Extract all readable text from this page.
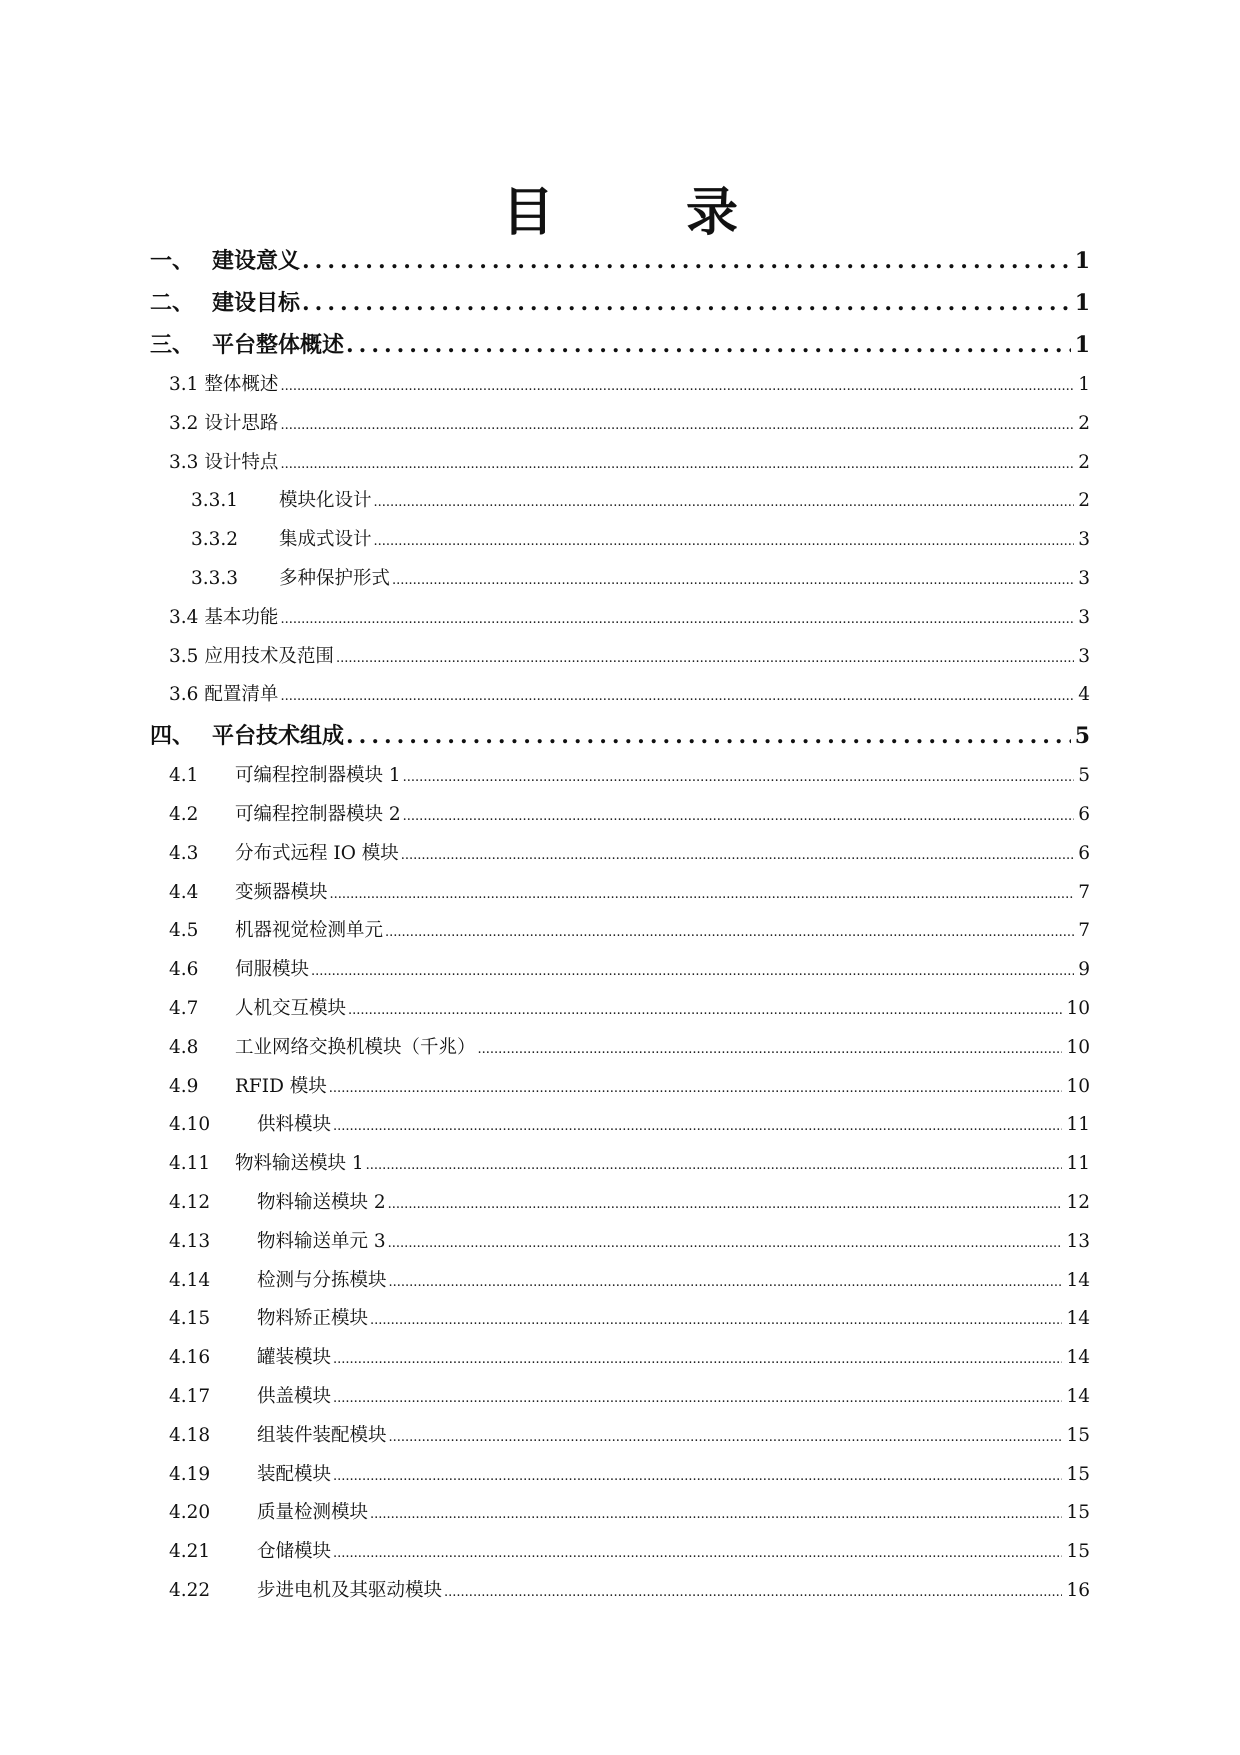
目　录
一、 建设意义 .....	1
二、 建设目标 .....	1
三、 平台整体概述 .....	1
3.1 整体概述 .....	1
3.2 设计思路 .....	2
3.3 设计特点 .....	2
3.3.1	模块化设计 .....	2
3.3.2	集成式设计 .....	3
3.3.3	多种保护形式 .....	3
3.4 基本功能 .....	3
3.5 应用技术及范围 .....	3
3.6 配置清单 .....	4
四、 平台技术组成 .....	5
4.1	可编程控制器模块 1 .....	5
4.2	可编程控制器模块 2 .....	6
4.3	分布式远程 IO 模块 .....	6
4.4	变频器模块 .....	7
4.5	机器视觉检测单元 .....	7
4.6	伺服模块 .....	9
4.7	人机交互模块 .....	10
4.8	工业网络交换机模块（千兆） .....	10
4.9	RFID 模块 .....	10
4.10	供料模块 .....	11
4.11	物料输送模块 1 .....	11
4.12	物料输送模块 2 .....	12
4.13	物料输送单元 3 .....	13
4.14	检测与分拣模块 .....	14
4.15	物料矫正模块 .....	14
4.16	罐装模块 .....	14
4.17	供盖模块 .....	14
4.18	组装件装配模块 .....	15
4.19	装配模块 .....	15
4.20	质量检测模块 .....	15
4.21	仓储模块 .....	15
4.22	步进电机及其驱动模块 .....	16
